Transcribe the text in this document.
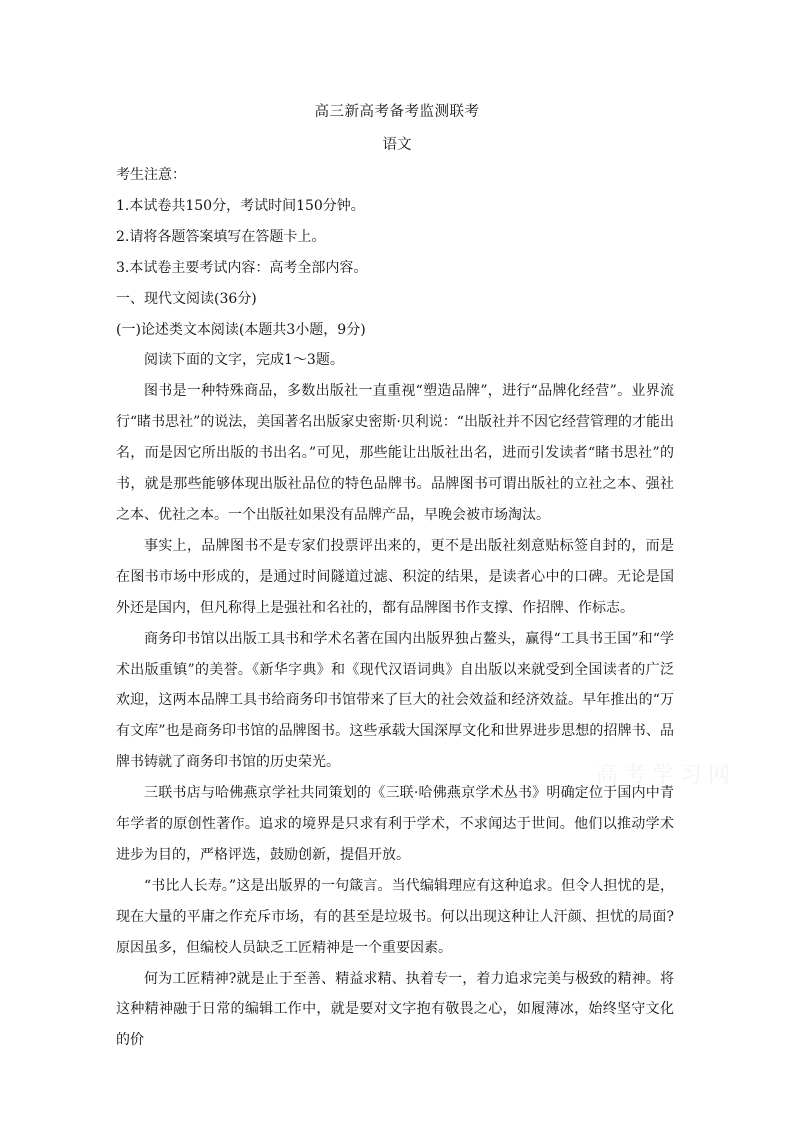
高三新高考备考监测联考
语文

考生注意：

1.本试卷共150分，考试时间150分钟。

2.请将各题答案填写在答题卡上。

3.本试卷主要考试内容：高考全部内容。

一、现代文阅读(36分)

(一)论述类文本阅读(本题共3小题，9分)

阅读下面的文字，完成1～3题。

图书是一种特殊商品，多数出版社一直重视“塑造品牌”，进行“品牌化经营”。业界流行“睹书思社”的说法，美国著名出版家史密斯·贝利说：“出版社并不因它经营管理的才能出名，而是因它所出版的书出名。”可见，那些能让出版社出名，进而引发读者“睹书思社”的书，就是那些能够体现出版社品位的特色品牌书。品牌图书可谓出版社的立社之本、强社之本、优社之本。一个出版社如果没有品牌产品，早晚会被市场淘汰。

事实上，品牌图书不是专家们投票评出来的，更不是出版社刻意贴标签自封的，而是在图书市场中形成的，是通过时间隧道过滤、积淀的结果，是读者心中的口碑。无论是国外还是国内，但凡称得上是强社和名社的，都有品牌图书作支撑、作招牌、作标志。

商务印书馆以出版工具书和学术名著在国内出版界独占鳌头，赢得“工具书王国”和“学术出版重镇”的美誉。《新华字典》和《现代汉语词典》自出版以来就受到全国读者的广泛欢迎，这两本品牌工具书给商务印书馆带来了巨大的社会效益和经济效益。早年推出的“万有文库”也是商务印书馆的品牌图书。这些承载大国深厚文化和世界进步思想的招牌书、品牌书铸就了商务印书馆的历史荣光。

三联书店与哈佛燕京学社共同策划的《三联·哈佛燕京学术丛书》明确定位于国内中青年学者的原创性著作。追求的境界是只求有利于学术，不求闻达于世间。他们以推动学术进步为目的，严格评选，鼓励创新，提倡开放。

“书比人长寿。”这是出版界的一句箴言。当代编辑理应有这种追求。但令人担忧的是，现在大量的平庸之作充斥市场，有的甚至是垃圾书。何以出现这种让人汗颜、担忧的局面?原因虽多，但编校人员缺乏工匠精神是一个重要因素。

何为工匠精神?就是止于至善、精益求精、执着专一，着力追求完美与极致的精神。将这种精神融于日常的编辑工作中，就是要对文字抱有敬畏之心，如履薄冰，始终坚守文化的价

高考学习网
